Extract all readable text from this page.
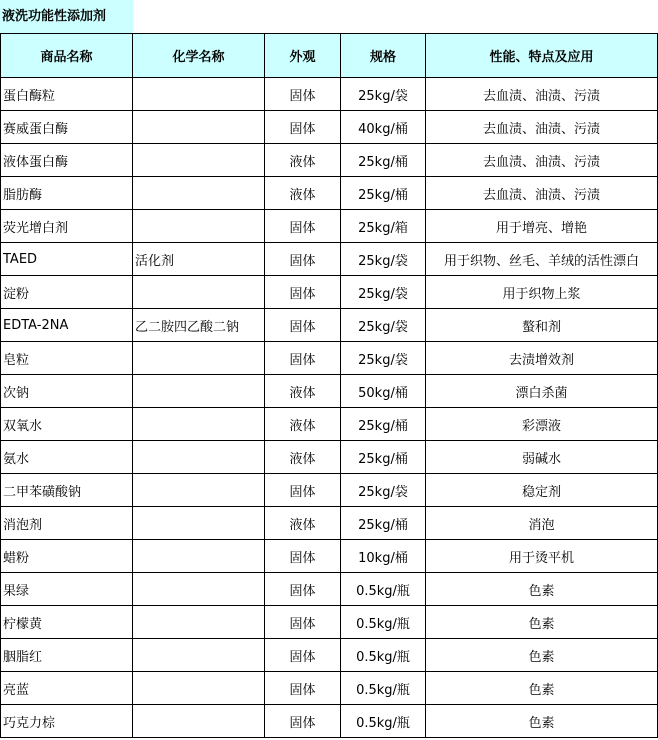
液洗功能性添加剂
商品名称	化学名称	外观	规格	性能、特点及应用
蛋白酶粒		固体	25kg/袋	去血渍、油渍、污渍
赛威蛋白酶		固体	40kg/桶	去血渍、油渍、污渍
液体蛋白酶		液体	25kg/桶	去血渍、油渍、污渍
脂肪酶		液体	25kg/桶	去血渍、油渍、污渍
荧光增白剂		固体	25kg/箱	用于增亮、增艳
TAED	活化剂	固体	25kg/袋	用于织物、丝毛、羊绒的活性漂白
淀粉		固体	25kg/袋	用于织物上浆
EDTA-2NA	乙二胺四乙酸二钠	固体	25kg/袋	螯和剂
皂粒		固体	25kg/袋	去渍增效剂
次钠		液体	50kg/桶	漂白杀菌
双氧水		液体	25kg/桶	彩漂液
氨水		液体	25kg/桶	弱碱水
二甲苯磺酸钠		固体	25kg/袋	稳定剂
消泡剂		液体	25kg/桶	消泡
蜡粉		固体	10kg/桶	用于烫平机
果绿		固体	0.5kg/瓶	色素
柠檬黄		固体	0.5kg/瓶	色素
胭脂红		固体	0.5kg/瓶	色素
亮蓝		固体	0.5kg/瓶	色素
巧克力棕		固体	0.5kg/瓶	色素
